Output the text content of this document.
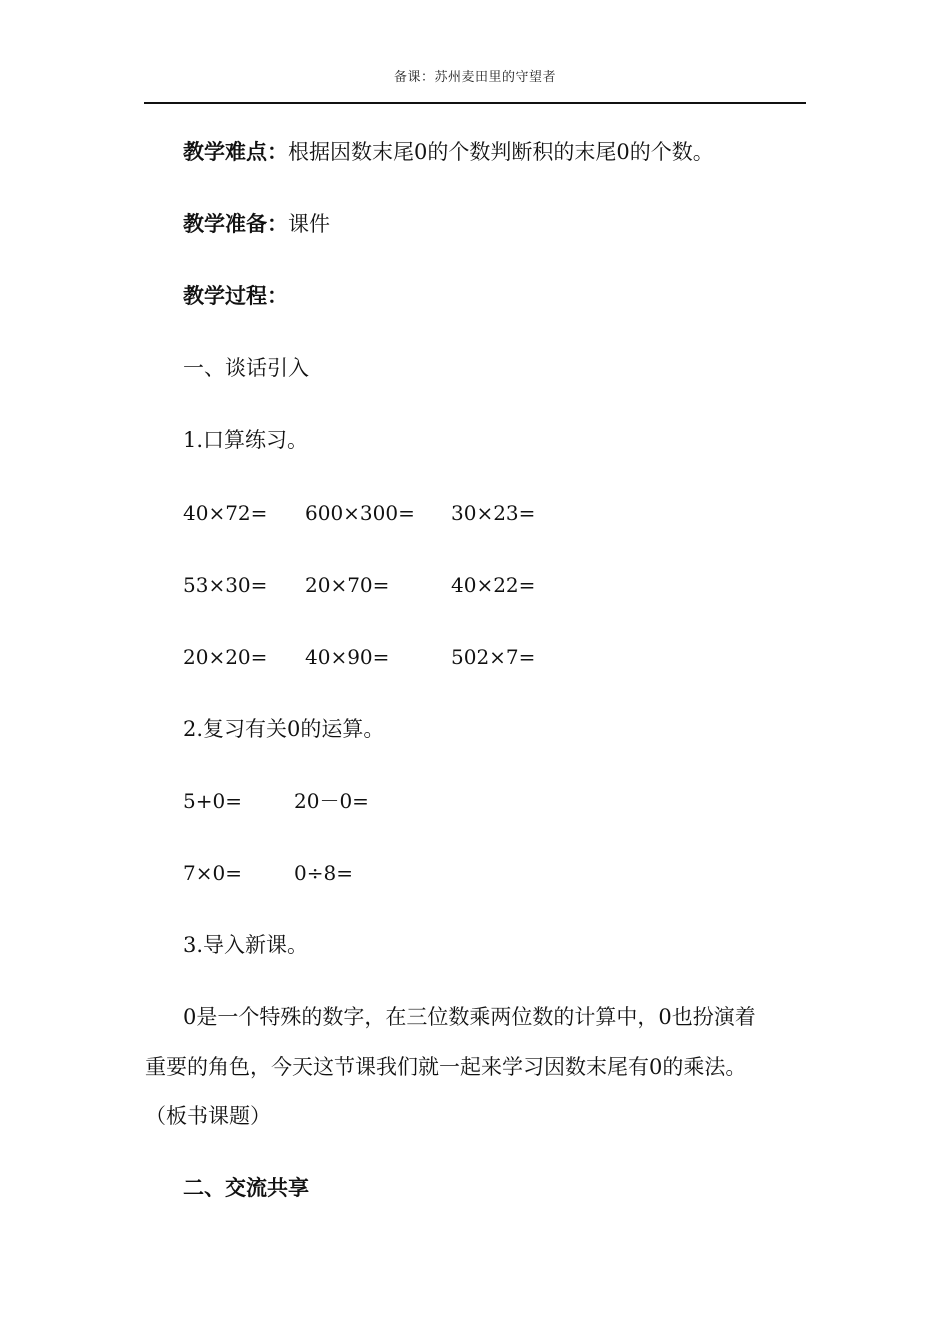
备课：苏州麦田里的守望者
教学难点：根据因数末尾0的个数判断积的末尾0的个数。
教学准备：课件
教学过程：
一、谈话引入
1.口算练习。
40×72= 600×300= 30×23=
53×30= 20×70=	40×22=
20×20= 40×90=	502×7=
2.复习有关0的运算。
5+0=	20－0=
7×0=	0÷8=
3.导入新课。
0是一个特殊的数字，在三位数乘两位数的计算中，0也扮演着
重要的角色，今天这节课我们就一起来学习因数末尾有0的乘法。
（板书课题）
二、交流共享
